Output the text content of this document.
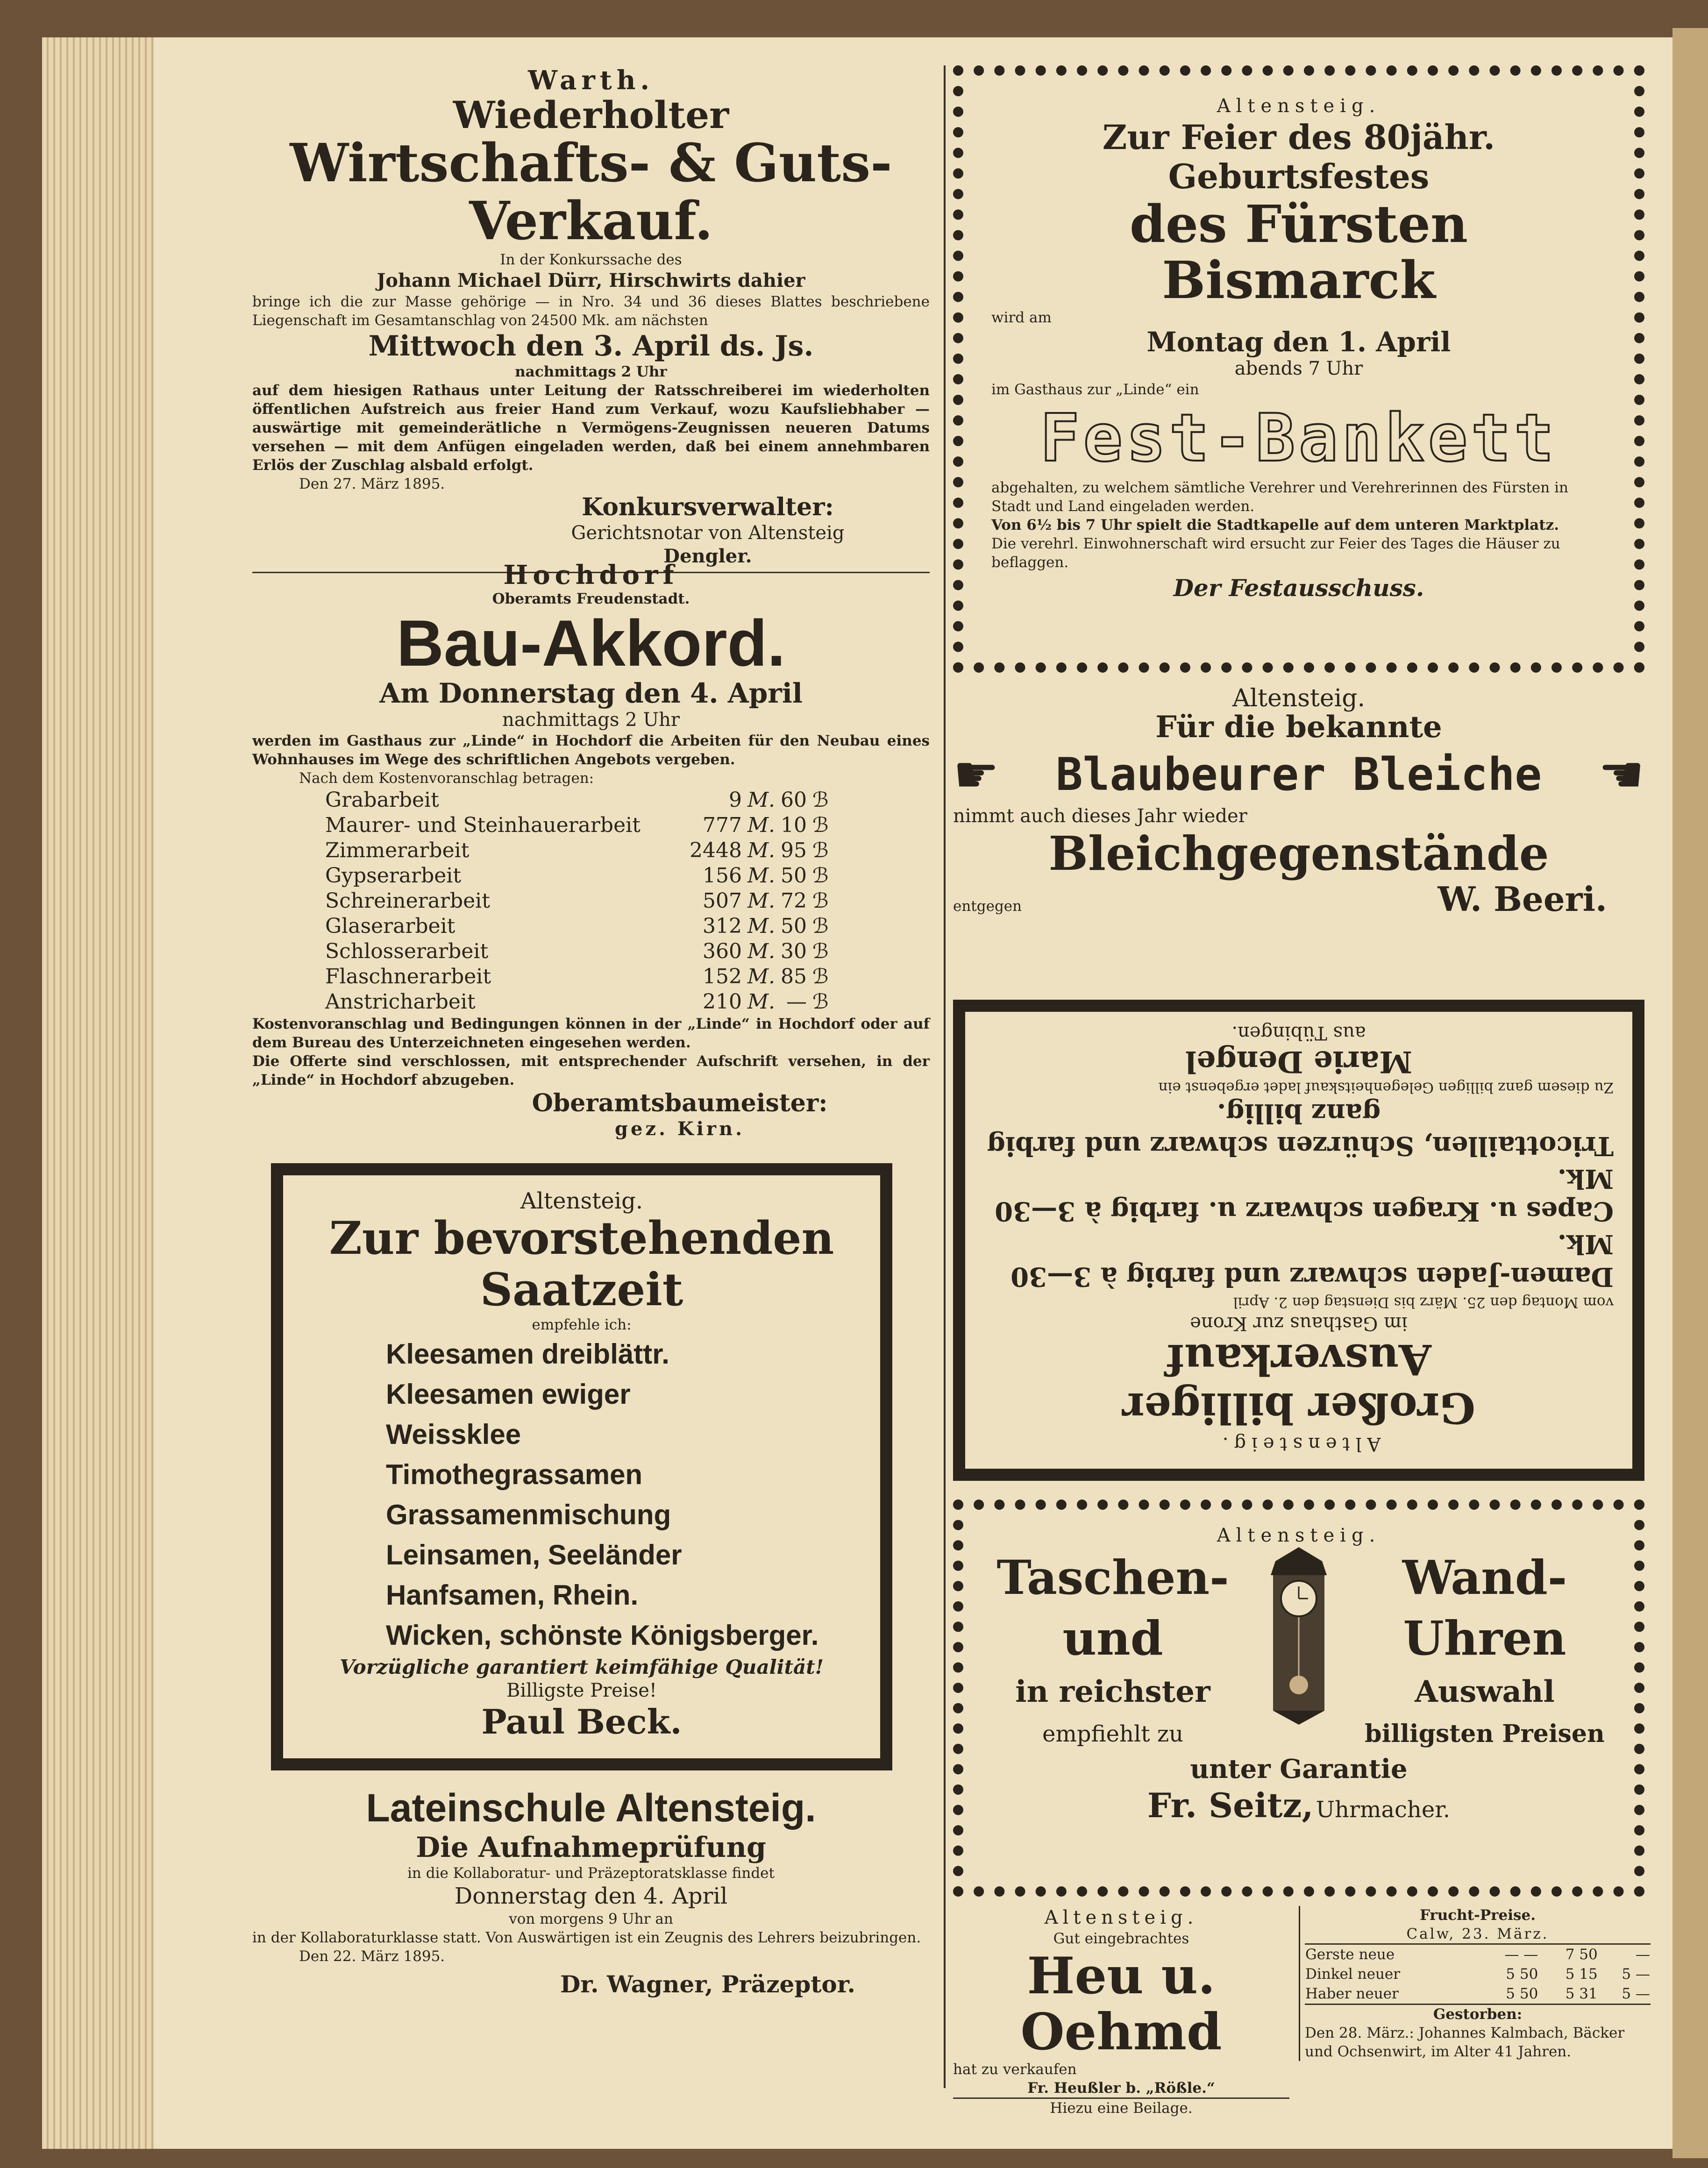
Warth.

Wiederholter

Wirtschafts- & Guts-Verkauf.

In der Konkurssache des

Johann Michael Dürr, Hirschwirts dahier

bringe ich die zur Masse gehörige — in Nro. 34 und 36 dieses Blattes beschriebene Liegenschaft im Gesamtanschlag von 24500 Mk. am nächsten

Mittwoch den 3. April ds. Js.

nachmittags 2 Uhr

auf dem hiesigen Rathaus unter Leitung der Ratsschreiberei im wiederholten öffentlichen Aufstreich aus freier Hand zum Verkauf, wozu Kaufsliebhaber — auswärtige mit gemeinderätliche n Vermögens-Zeugnissen neueren Datums versehen — mit dem Anfügen eingeladen werden, daß bei einem annehmbaren Erlös der Zuschlag alsbald erfolgt.

Den 27. März 1895.

Konkursverwalter:

Gerichtsnotar von Altensteig

Dengler.

Hochdorf

Oberamts Freudenstadt.

Bau-Akkord.

Am Donnerstag den 4. April

nachmittags 2 Uhr

werden im Gasthaus zur „Linde“ in Hochdorf die Arbeiten für den Neubau eines Wohnhauses im Wege des schriftlichen Angebots vergeben.

Nach dem Kostenvoranschlag betragen:

Grabarbeit	9	M.	60	ℬ
Maurer- und Steinhauerarbeit	777	M.	10	ℬ
Zimmerarbeit	2448	M.	95	ℬ
Gypserarbeit	156	M.	50	ℬ
Schreinerarbeit	507	M.	72	ℬ
Glaserarbeit	312	M.	50	ℬ
Schlosserarbeit	360	M.	30	ℬ
Flaschnerarbeit	152	M.	85	ℬ
Anstricharbeit	210	M.	—	ℬ

Kostenvoranschlag und Bedingungen können in der „Linde“ in Hochdorf oder auf dem Bureau des Unterzeichneten eingesehen werden.

Die Offerte sind verschlossen, mit entsprechender Aufschrift versehen, in der „Linde“ in Hochdorf abzugeben.

Oberamtsbaumeister:

gez. Kirn.

Altensteig.

Zur bevorstehenden Saatzeit

empfehle ich:

Kleesamen dreiblättr.

Kleesamen ewiger

Weissklee

Timothegrassamen

Grassamenmischung

Leinsamen, Seeländer

Hanfsamen, Rhein.

Wicken, schönste Königsberger.

Vorzügliche garantiert keimfähige Qualität!

Billigste Preise!

Paul Beck.

Lateinschule Altensteig.

Die Aufnahmeprüfung

in die Kollaboratur- und Präzeptoratsklasse findet

Donnerstag den 4. April

von morgens 9 Uhr an

in der Kollaboraturklasse statt. Von Auswärtigen ist ein Zeugnis des Lehrers beizubringen.

Den 22. März 1895.

Dr. Wagner, Präzeptor.

Altensteig.

Zur Feier des 80jähr. Geburtsfestes

des Fürsten Bismarck

wird am

Montag den 1. April

abends 7 Uhr

im Gasthaus zur „Linde“ ein

Fest-Bankett

abgehalten, zu welchem sämtliche Verehrer und Verehrerinnen des Fürsten in Stadt und Land eingeladen werden.

Von 6½ bis 7 Uhr spielt die Stadtkapelle auf dem unteren Marktplatz.

Die verehrl. Einwohnerschaft wird ersucht zur Feier des Tages die Häuser zu beflaggen.

Der Festausschuss.

Altensteig.

Für die bekannte

☛ Blaubeurer Bleiche ☚

nimmt auch dieses Jahr wieder

Bleichgegenstände

entgegen	W. Beeri.

Altensteig.

Großer billiger Ausverkauf

im Gasthaus zur Krone

vom Montag den 25. März bis Dienstag den 2. April

Damen-Jaden schwarz und farbig à 3—30 Mk.

Capes u. Kragen schwarz u. farbig à 3—30 Mk.

Tricottaillen, Schürzen schwarz und farbig

ganz billig.

Zu diesem ganz billigen Gelegenheitskauf ladet ergebenst ein

Marie Dengel

aus Tübingen.

Altensteig.

Taschen- und

in reichster

empfiehlt zu

Wand-Uhren

Auswahl

billigsten Preisen

unter Garantie

Fr. Seitz, Uhrmacher.

Altensteig.

Gut eingebrachtes

Heu u. Oehmd

hat zu verkaufen

Fr. Heußler b. „Rößle.“

Hiezu eine Beilage.

Frucht-Preise.

Calw, 23. März.

Gerste neue	— —	7 50	—
Dinkel neuer	5 50	5 15	5 —
Haber neuer	5 50	5 31	5 —

Gestorben:

Den 28. März.: Johannes Kalmbach, Bäcker und Ochsenwirt, im Alter 41 Jahren.
